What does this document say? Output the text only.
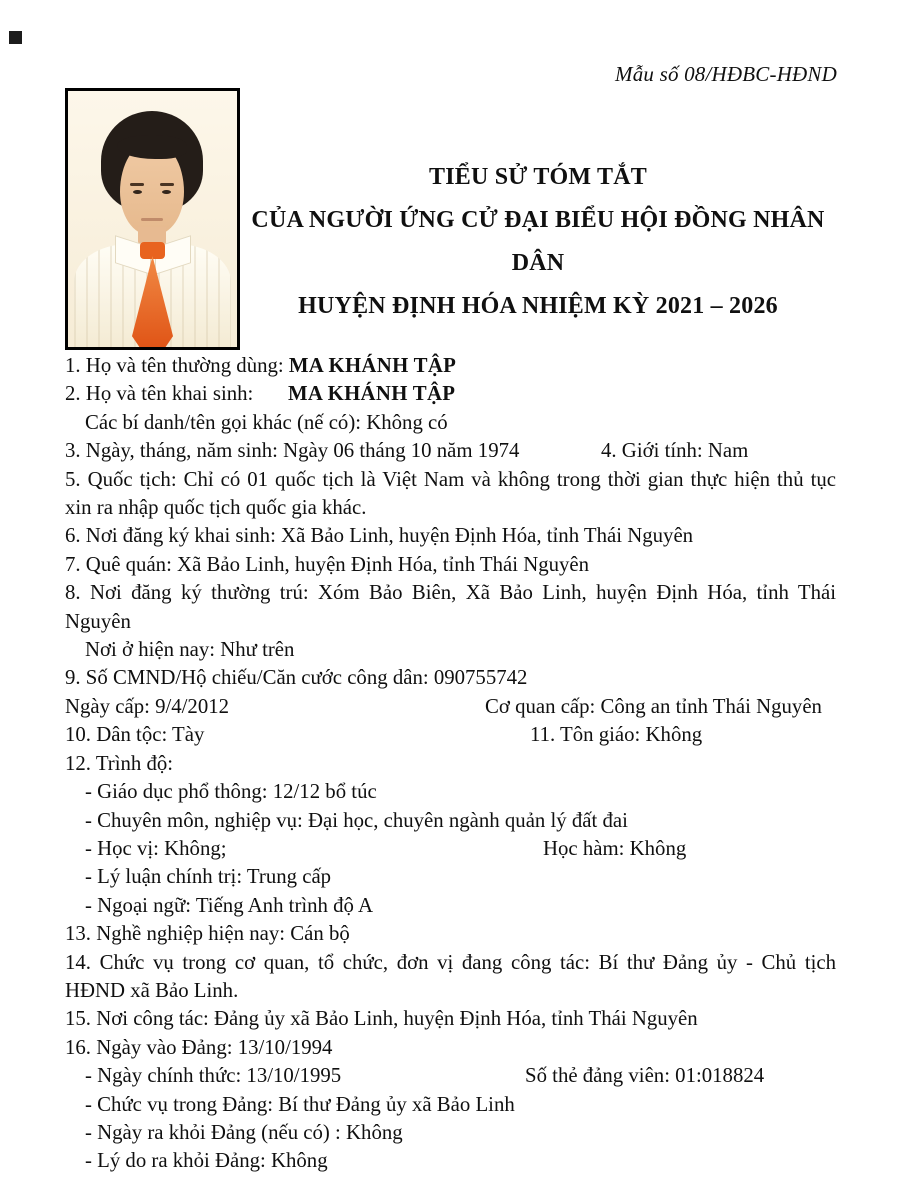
Mẫu số 08/HĐBC-HĐND
TIỂU SỬ TÓM TẮT
CỦA NGƯỜI ỨNG CỬ ĐẠI BIỂU HỘI ĐỒNG NHÂN DÂN
HUYỆN ĐỊNH HÓA NHIỆM KỲ 2021 – 2026
1. Họ và tên thường dùng: MA KHÁNH TẬP
2. Họ và tên khai sinh: MA KHÁNH TẬP
Các bí danh/tên gọi khác (nế có): Không có
3. Ngày, tháng, năm sinh: Ngày 06 tháng 10 năm 1974	4. Giới tính: Nam
5. Quốc tịch: Chỉ có 01 quốc tịch là Việt Nam và không trong thời gian thực hiện thủ tục
xin ra nhập quốc tịch quốc gia khác.
6. Nơi đăng ký khai sinh: Xã Bảo Linh, huyện Định Hóa, tỉnh Thái Nguyên
7. Quê quán: Xã Bảo Linh, huyện Định Hóa, tỉnh Thái Nguyên
8. Nơi đăng ký thường trú: Xóm Bảo Biên, Xã Bảo Linh, huyện Định Hóa, tỉnh Thái
Nguyên
Nơi ở hiện nay: Như trên
9. Số CMND/Hộ chiếu/Căn cước công dân: 090755742
Ngày cấp: 9/4/2012	Cơ quan cấp: Công an tỉnh Thái Nguyên
10. Dân tộc: Tày	11. Tôn giáo: Không
12. Trình độ:
- Giáo dục phổ thông: 12/12 bổ túc
- Chuyên môn, nghiệp vụ: Đại học, chuyên ngành quản lý đất đai
- Học vị: Không;	Học hàm: Không
- Lý luận chính trị: Trung cấp
- Ngoại ngữ: Tiếng Anh trình độ A
13. Nghề nghiệp hiện nay: Cán bộ
14. Chức vụ trong cơ quan, tổ chức, đơn vị đang công tác: Bí thư Đảng ủy - Chủ tịch
HĐND xã Bảo Linh.
15. Nơi công tác: Đảng ủy xã Bảo Linh, huyện Định Hóa, tỉnh Thái Nguyên
16. Ngày vào Đảng: 13/10/1994
- Ngày chính thức: 13/10/1995	Số thẻ đảng viên: 01:018824
- Chức vụ trong Đảng: Bí thư Đảng ủy xã Bảo Linh
- Ngày ra khỏi Đảng (nếu có) : Không
- Lý do ra khỏi Đảng: Không
